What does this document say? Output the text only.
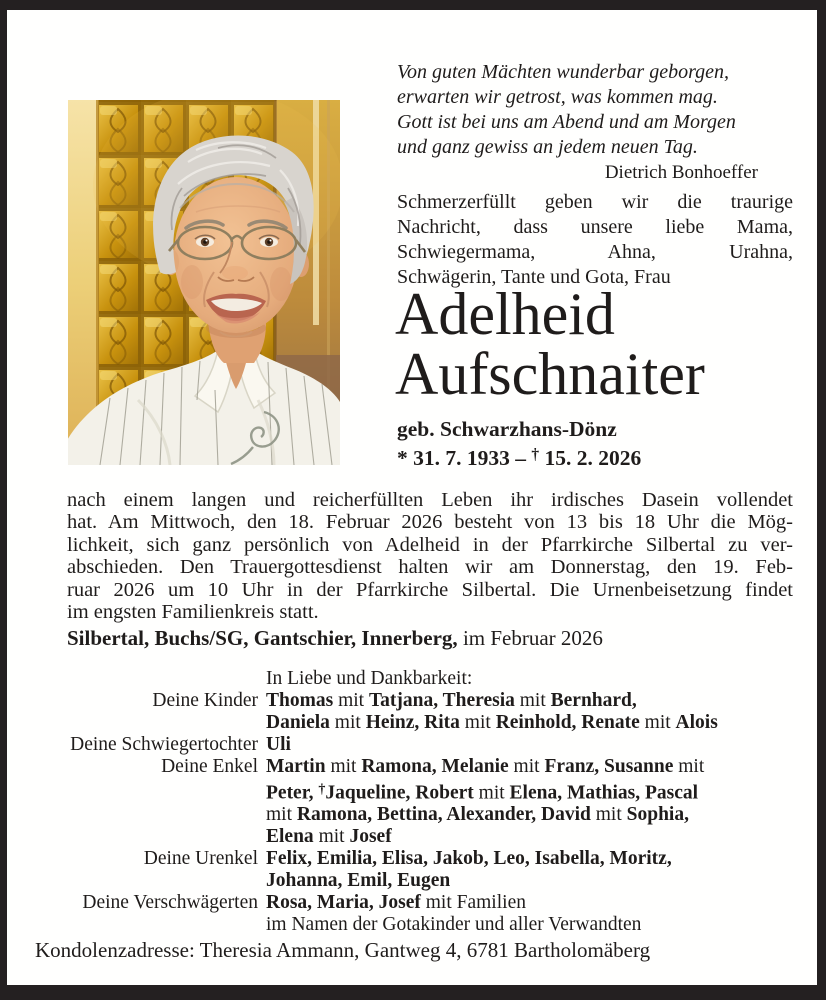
Von guten Mächten wunderbar geborgen,
erwarten wir getrost, was kommen mag.
Gott ist bei uns am Abend und am Morgen
und ganz gewiss an jedem neuen Tag.
Dietrich Bonhoeffer
Schmerzerfüllt geben wir die traurige
Nachricht, dass unsere liebe Mama,
Schwiegermama, Ahna, Urahna,
Schwägerin, Tante und Gota, Frau
Adelheid
Aufschnaiter
geb. Schwarzhans-Dönz
* 31. 7. 1933 – † 15. 2. 2026
nach einem langen und reicherfüllten Leben ihr irdisches Dasein vollendet
hat. Am Mittwoch, den 18. Februar 2026 besteht von 13 bis 18 Uhr die Mög-
lichkeit, sich ganz persönlich von Adelheid in der Pfarrkirche Silbertal zu ver-
abschieden. Den Trauergottesdienst halten wir am Donnerstag, den 19. Feb-
ruar 2026 um 10 Uhr in der Pfarrkirche Silbertal. Die Urnenbeisetzung findet
im engsten Familienkreis statt.
Silbertal, Buchs/SG, Gantschier, Innerberg, im Februar 2026
In Liebe und Dankbarkeit:
Deine Kinder Thomas mit Tatjana, Theresia mit Bernhard,
Daniela mit Heinz, Rita mit Reinhold, Renate mit Alois
Deine Schwiegertochter Uli
Deine Enkel Martin mit Ramona, Melanie mit Franz, Susanne mit
Peter, †Jaqueline, Robert mit Elena, Mathias, Pascal
mit Ramona, Bettina, Alexander, David mit Sophia,
Elena mit Josef
Deine Urenkel Felix, Emilia, Elisa, Jakob, Leo, Isabella, Moritz,
Johanna, Emil, Eugen
Deine Verschwägerten Rosa, Maria, Josef mit Familien
im Namen der Gotakinder und aller Verwandten
Kondolenzadresse: Theresia Ammann, Gantweg 4, 6781 Bartholomäberg
